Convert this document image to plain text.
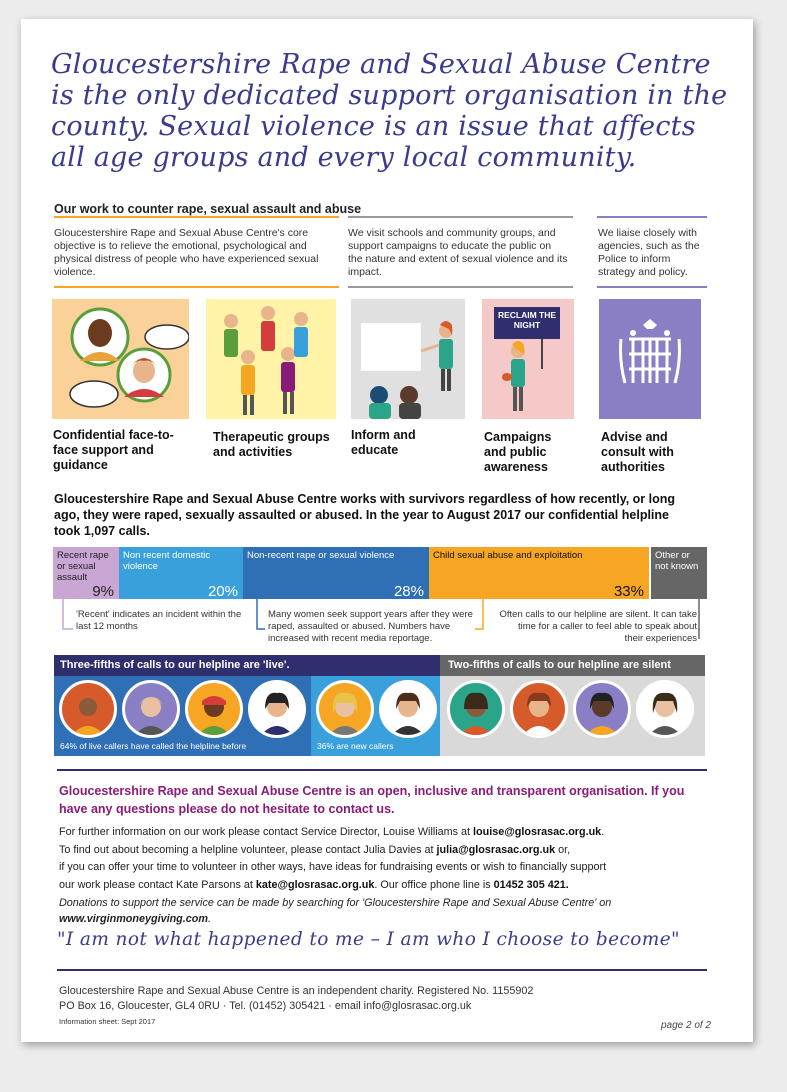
Gloucestershire Rape and Sexual Abuse Centre is the only dedicated support organisation in the county. Sexual violence is an issue that affects all age groups and every local community.
Our work to counter rape, sexual assault and abuse
Gloucestershire Rape and Sexual Abuse Centre's core objective is to relieve the emotional, psychological and physical distress of people who have experienced sexual violence.
We visit schools and community groups, and support campaigns to educate the public on the nature and extent of sexual violence and its impact.
We liaise closely with agencies, such as the Police to inform strategy and policy.
Confidential face-to-face support and guidance
Therapeutic groups and activities
Inform and educate
RECLAIM THE NIGHT
Campaigns and public awareness
Advise and consult with authorities
Gloucestershire Rape and Sexual Abuse Centre works with survivors regardless of how recently, or long ago, they were raped, sexually assaulted or abused. In the year to August 2017 our confidential helpline took 1,097 calls.
Recent rape or sexual assault
9%
Non recent domestic violence
20%
Non-recent rape or sexual violence
28%
Child sexual abuse and exploitation
33%
Other or not known
'Recent' indicates an incident within the last 12 months
Many women seek support years after they were raped, assaulted or abused. Numbers have increased with recent media reportage.
Often calls to our helpline are silent. It can take time for a caller to feel able to speak about their experiences
Three-fifths of calls to our helpline are 'live'.	Two-fifths of calls to our helpline are silent
64% of live callers have called the helpline before	36% are new callers
Gloucestershire Rape and Sexual Abuse Centre is an open, inclusive and transparent organisation. If you have any questions please do not hesitate to contact us.
For further information on our work please contact Service Director, Louise Williams at louise@glosrasac.org.uk.
To find out about becoming a helpline volunteer, please contact Julia Davies at julia@glosrasac.org.uk or,
if you can offer your time to volunteer in other ways, have ideas for fundraising events or wish to financially support
our work please contact Kate Parsons at kate@glosrasac.org.uk. Our office phone line is 01452 305 421.
Donations to support the service can be made by searching for 'Gloucestershire Rape and Sexual Abuse Centre' on www.virginmoneygiving.com.
"I am not what happened to me – I am who I choose to become"
Gloucestershire Rape and Sexual Abuse Centre is an independent charity. Registered No. 1155902
PO Box 16, Gloucester, GL4 0RU · Tel. (01452) 305421 · email info@glosrasac.org.uk
Information sheet: Sept 2017	page 2 of 2
